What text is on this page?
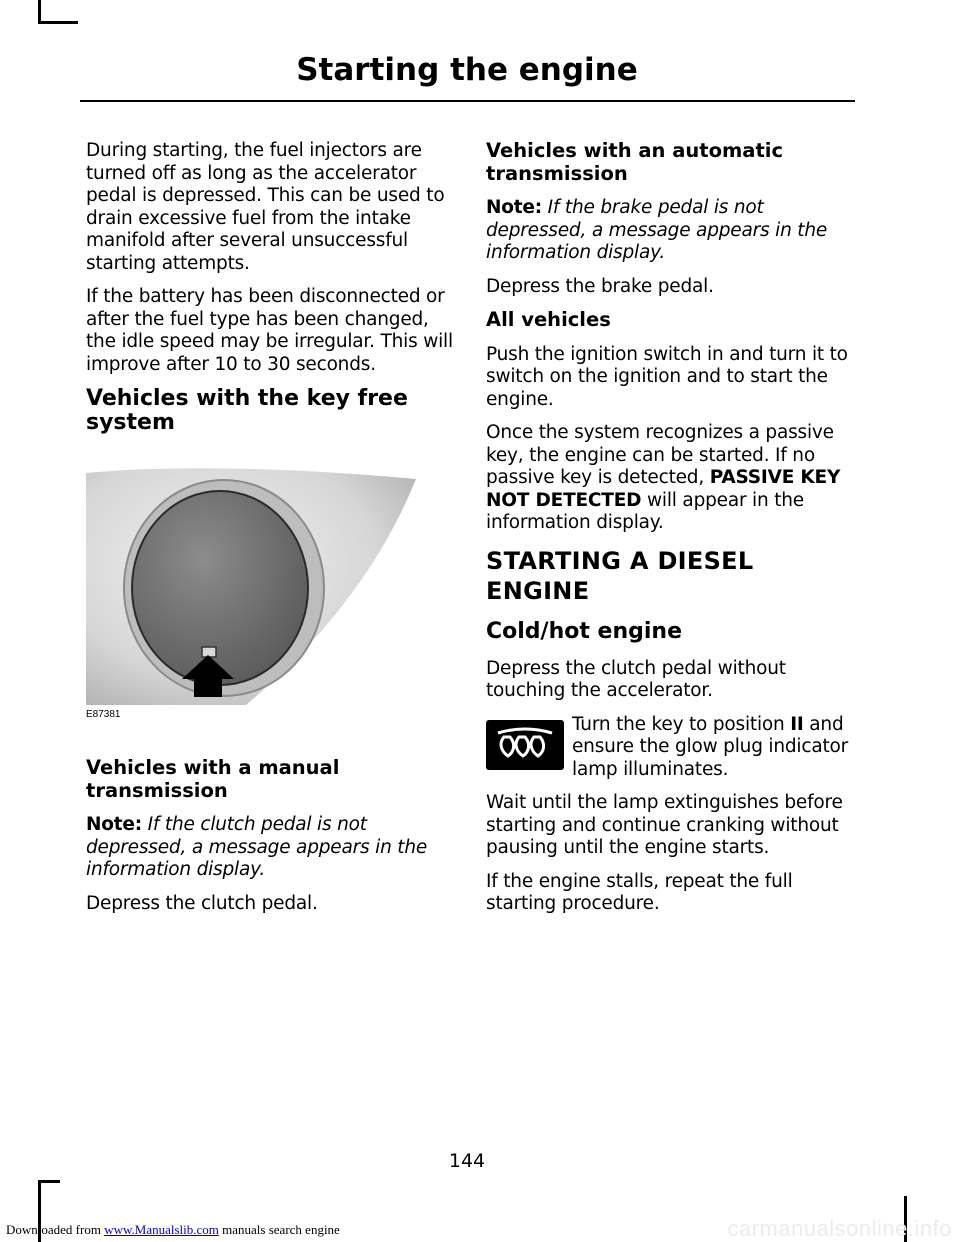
Starting the engine

During starting, the fuel injectors are turned off as long as the accelerator pedal is depressed. This can be used to drain excessive fuel from the intake manifold after several unsuccessful starting attempts.

If the battery has been disconnected or after the fuel type has been changed, the idle speed may be irregular. This will improve after 10 to 30 seconds.

Vehicles with the key free system
E87381
Vehicles with a manual transmission

Note: If the clutch pedal is not depressed, a message appears in the information display.

Depress the clutch pedal.

Vehicles with an automatic transmission

Note: If the brake pedal is not depressed, a message appears in the information display.

Depress the brake pedal.

All vehicles

Push the ignition switch in and turn it to switch on the ignition and to start the engine.

Once the system recognizes a passive key, the engine can be started. If no passive key is detected, PASSIVE KEY NOT DETECTED will appear in the information display.

STARTING A DIESEL ENGINE
Cold/hot engine

Depress the clutch pedal without touching the accelerator.

Turn the key to position II and ensure the glow plug indicator lamp illuminates.

Wait until the lamp extinguishes before starting and continue cranking without pausing until the engine starts.

If the engine stalls, repeat the full starting procedure.

144
Downloaded from www.Manualslib.com manuals search engine	carmanualsonline.info
